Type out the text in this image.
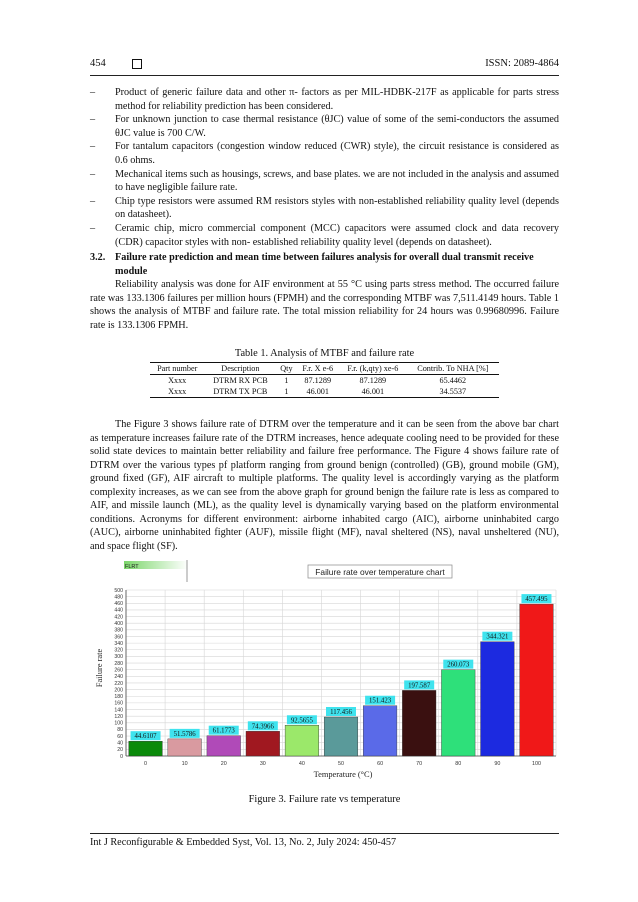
454	ISSN: 2089-4864
– Product of generic failure data and other π- factors as per MIL-HDBK-217F as applicable for parts stress method for reliability prediction has been considered.
– For unknown junction to case thermal resistance (θJC) value of some of the semi-conductors the assumed θJC value is 700 C/W.
– For tantalum capacitors (congestion window reduced (CWR) style), the circuit resistance is considered as 0.6 ohms.
– Mechanical items such as housings, screws, and base plates. we are not included in the analysis and assumed to have negligible failure rate.
– Chip type resistors were assumed RM resistors styles with non-established reliability quality level (depends on datasheet).
– Ceramic chip, micro commercial component (MCC) capacitors were assumed clock and data recovery (CDR) capacitor styles with non- established reliability quality level (depends on datasheet).
3.2. Failure rate prediction and mean time between failures analysis for overall dual transmit receive
module
Reliability analysis was done for AIF environment at 55 °C using parts stress method. The occurred failure rate was 133.1306 failures per million hours (FPMH) and the corresponding MTBF was 7,511.4149 hours. Table 1 shows the analysis of MTBF and failure rate. The total mission reliability for 24 hours was 0.99680996. Failure rate is 133.1306 FPMH.
Table 1. Analysis of MTBF and failure rate
Part number	Description	Qty	F.r. X e-6	F.r. (k,qty) xe-6	Contrib. To NHA [%]
Xxxx	DTRM RX PCB	1	87.1289	87.1289	65.4462
Xxxx	DTRM TX PCB	1	46.001	46.001	34.5537
The Figure 3 shows failure rate of DTRM over the temperature and it can be seen from the above bar chart as temperature increases failure rate of the DTRM increases, hence adequate cooling need to be provided for these solid state devices to maintain better reliability and failure free performance. The Figure 4 shows failure rate of DTRM over the various types pf platform ranging from ground benign (controlled) (GB), ground mobile (GM), ground fixed (GF), AIF aircraft to multiple platforms. The quality level is accordingly varying as the platform complexity increases, as we can see from the above graph for ground benign the failure rate is less as compared to AIF, and missile launch (ML), as the quality level is dynamically varying based on the platform environmental conditions. Acronyms for different environment: airborne inhabited cargo (AIC), airborne uninhabited cargo (AUC), airborne uninhabited fighter (AUF), missile flight (MF), naval sheltered (NS), naval unsheltered (NU), and space flight (SF).
FLRT	Failure rate over temperature chart
Failure rate
Temperature (°C)
0
20
40
60
80
100
120
140
160
180
200
220
240
260
280
300
320
340
360
380
400
420
440
460
480
500
44.6107 51.5786 61.1773
74.3966
92.5655
117.456
151.423
197.587
260.073
344.321
457.495
0	10	20	30	40	50	60	70	80	90	100
Figure 3. Failure rate vs temperature
Int J Reconfigurable & Embedded Syst, Vol. 13, No. 2, July 2024: 450-457
